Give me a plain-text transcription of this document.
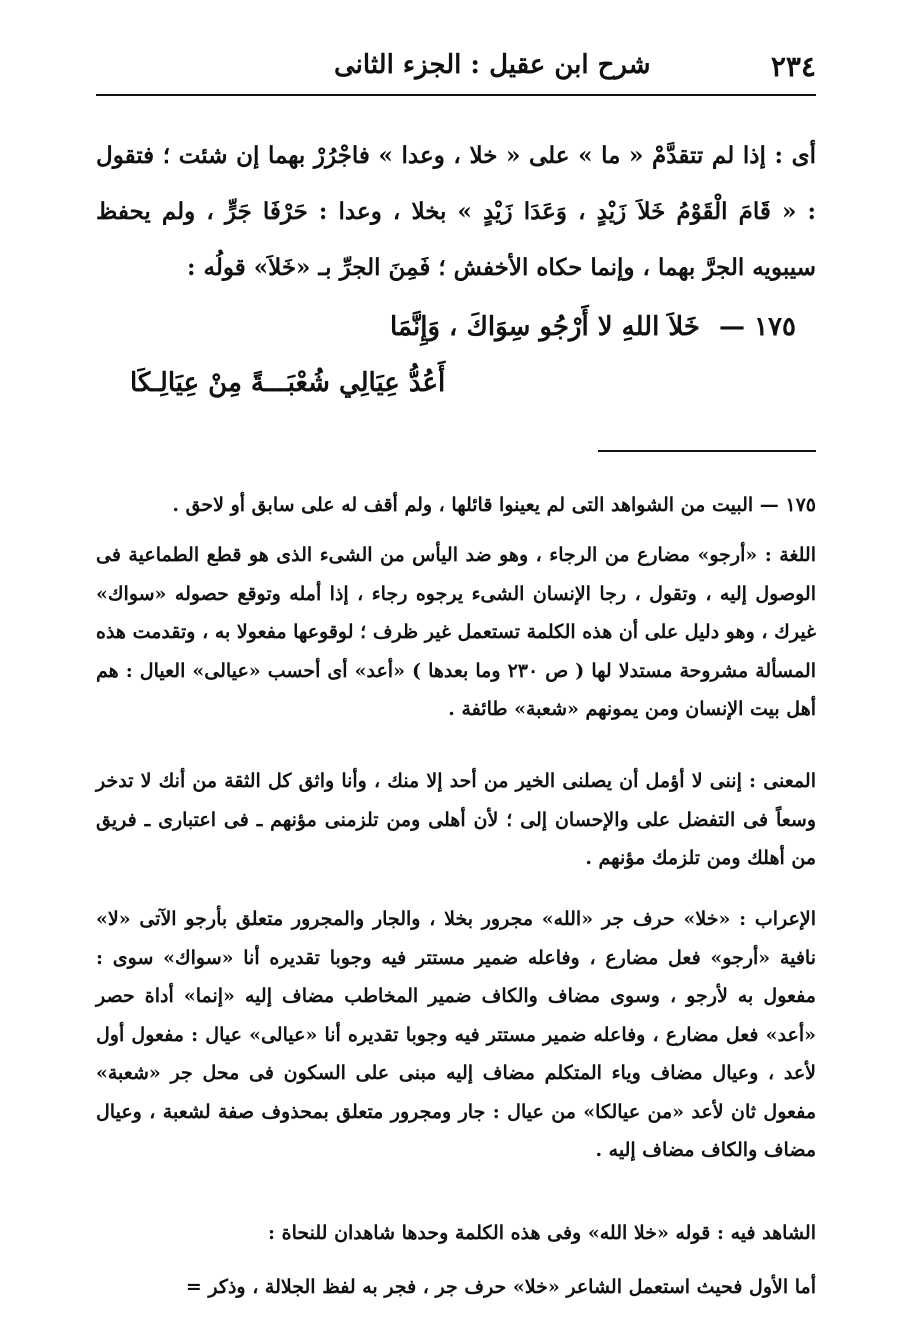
٢٣٤
شرح ابن عقيل : الجزء الثانى
أى : إذا لم تتقدَّمْ « ما » على « خلا ، وعدا » فاجْرُرْ بهما إن شئت ؛ فتقول : « قَامَ الْقَوْمُ خَلاَ زَيْدٍ ، وَعَدَا زَيْدٍ » بخلا ، وعدا : حَرْفَا جَرٍّ ، ولم يحفظ سيبويه الجرَّ بهما ، وإنما حكاه الأخفش ؛ فَمِنَ الجرِّ بـ «خَلاَ» قولُه :
١٧٥ — خَلاَ اللهِ لا أَرْجُو سِوَاكَ ، وَإِنَّمَا
أَعُدُّ عِيَالِي شُعْبَـــةً مِنْ عِيَالِـكَا
١٧٥ — البيت من الشواهد التى لم يعينوا قائلها ، ولم أقف له على سابق أو لاحق .
اللغة : «أرجو» مضارع من الرجاء ، وهو ضد اليأس من الشىء الذى هو قطع الطماعية فى الوصول إليه ، وتقول ، رجا الإنسان الشىء يرجوه رجاء ، إذا أمله وتوقع حصوله «سواك» غيرك ، وهو دليل على أن هذه الكلمة تستعمل غير ظرف ؛ لوقوعها مفعولا به ، وتقدمت هذه المسألة مشروحة مستدلا لها ( ص ٢٣٠ وما بعدها ) «أعد» أى أحسب «عيالى» العيال : هم أهل بيت الإنسان ومن يمونهم «شعبة» طائفة .
المعنى : إننى لا أؤمل أن يصلنى الخير من أحد إلا منك ، وأنا واثق كل الثقة من أنك لا تدخر وسعاً فى التفضل على والإحسان إلى ؛ لأن أهلى ومن تلزمنى مؤنهم ـ فى اعتبارى ـ فريق من أهلك ومن تلزمك مؤنهم .
الإعراب : «خلا» حرف جر «الله» مجرور بخلا ، والجار والمجرور متعلق بأرجو الآتى «لا» نافية «أرجو» فعل مضارع ، وفاعله ضمير مستتر فيه وجوبا تقديره أنا «سواك» سوى : مفعول به لأرجو ، وسوى مضاف والكاف ضمير المخاطب مضاف إليه «إنما» أداة حصر «أعد» فعل مضارع ، وفاعله ضمير مستتر فيه وجوبا تقديره أنا «عيالى» عيال : مفعول أول لأعد ، وعيال مضاف وياء المتكلم مضاف إليه مبنى على السكون فى محل جر «شعبة» مفعول ثان لأعد «من عيالكا» من عيال : جار ومجرور متعلق بمحذوف صفة لشعبة ، وعيال مضاف والكاف مضاف إليه .
الشاهد فيه : قوله «خلا الله» وفى هذه الكلمة وحدها شاهدان للنحاة :
أما الأول فحيث استعمل الشاعر «خلا» حرف جر ، فجر به لفظ الجلالة ، وذكر =
